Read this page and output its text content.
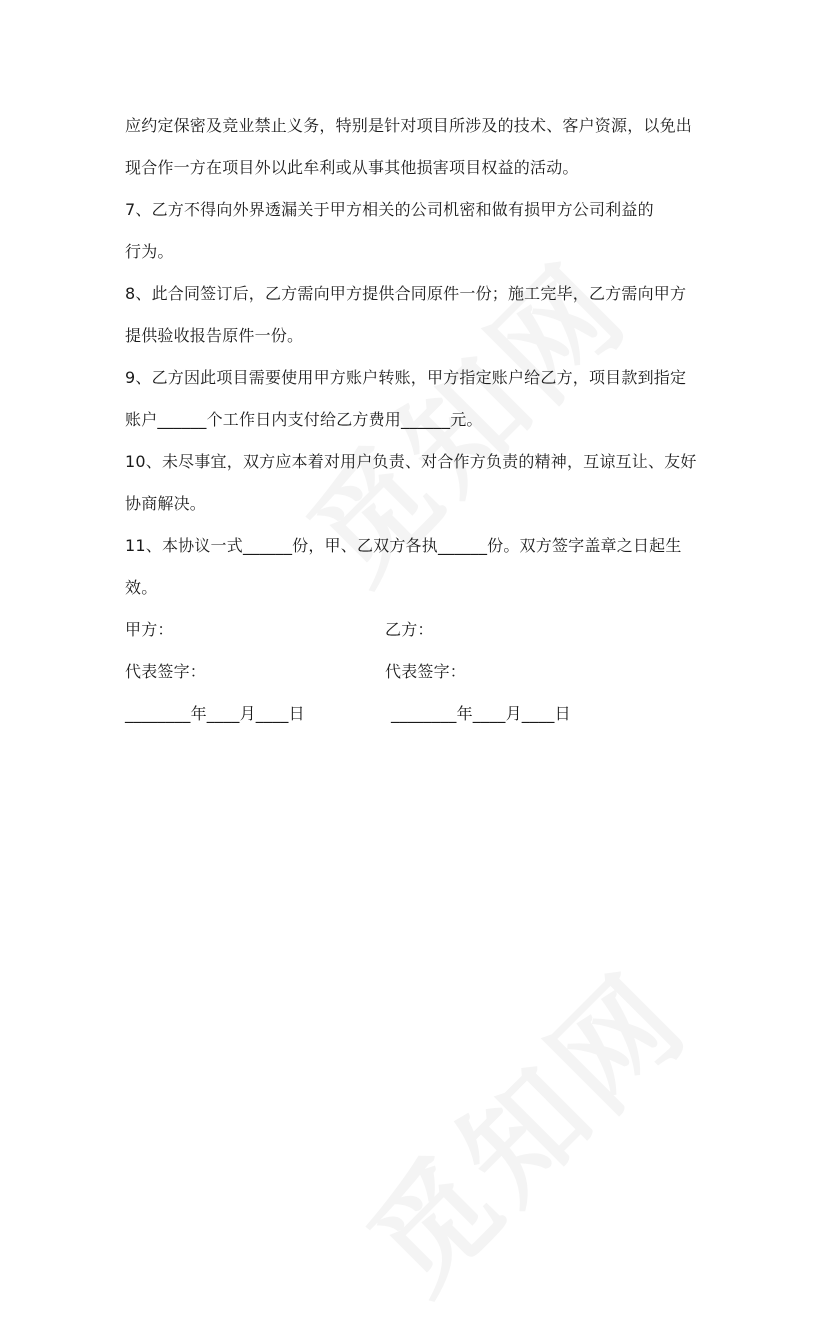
应约定保密及竞业禁止义务，特别是针对项目所涉及的技术、客户资源，以免出
现合作一方在项目外以此牟利或从事其他损害项目权益的活动。
7、乙方不得向外界透漏关于甲方相关的公司机密和做有损甲方公司利益的
行为。
8、此合同签订后，乙方需向甲方提供合同原件一份；施工完毕，乙方需向甲方
提供验收报告原件一份。
9、乙方因此项目需要使用甲方账户转账，甲方指定账户给乙方，项目款到指定
账户______个工作日内支付给乙方费用______元。
10、未尽事宜，双方应本着对用户负责、对合作方负责的精神，互谅互让、友好
协商解决。
11、本协议一式______份，甲、乙双方各执______份。双方签字盖章之日起生
效。
甲方：	乙方：
代表签字：	代表签字：
________年____月____日	________年____月____日
